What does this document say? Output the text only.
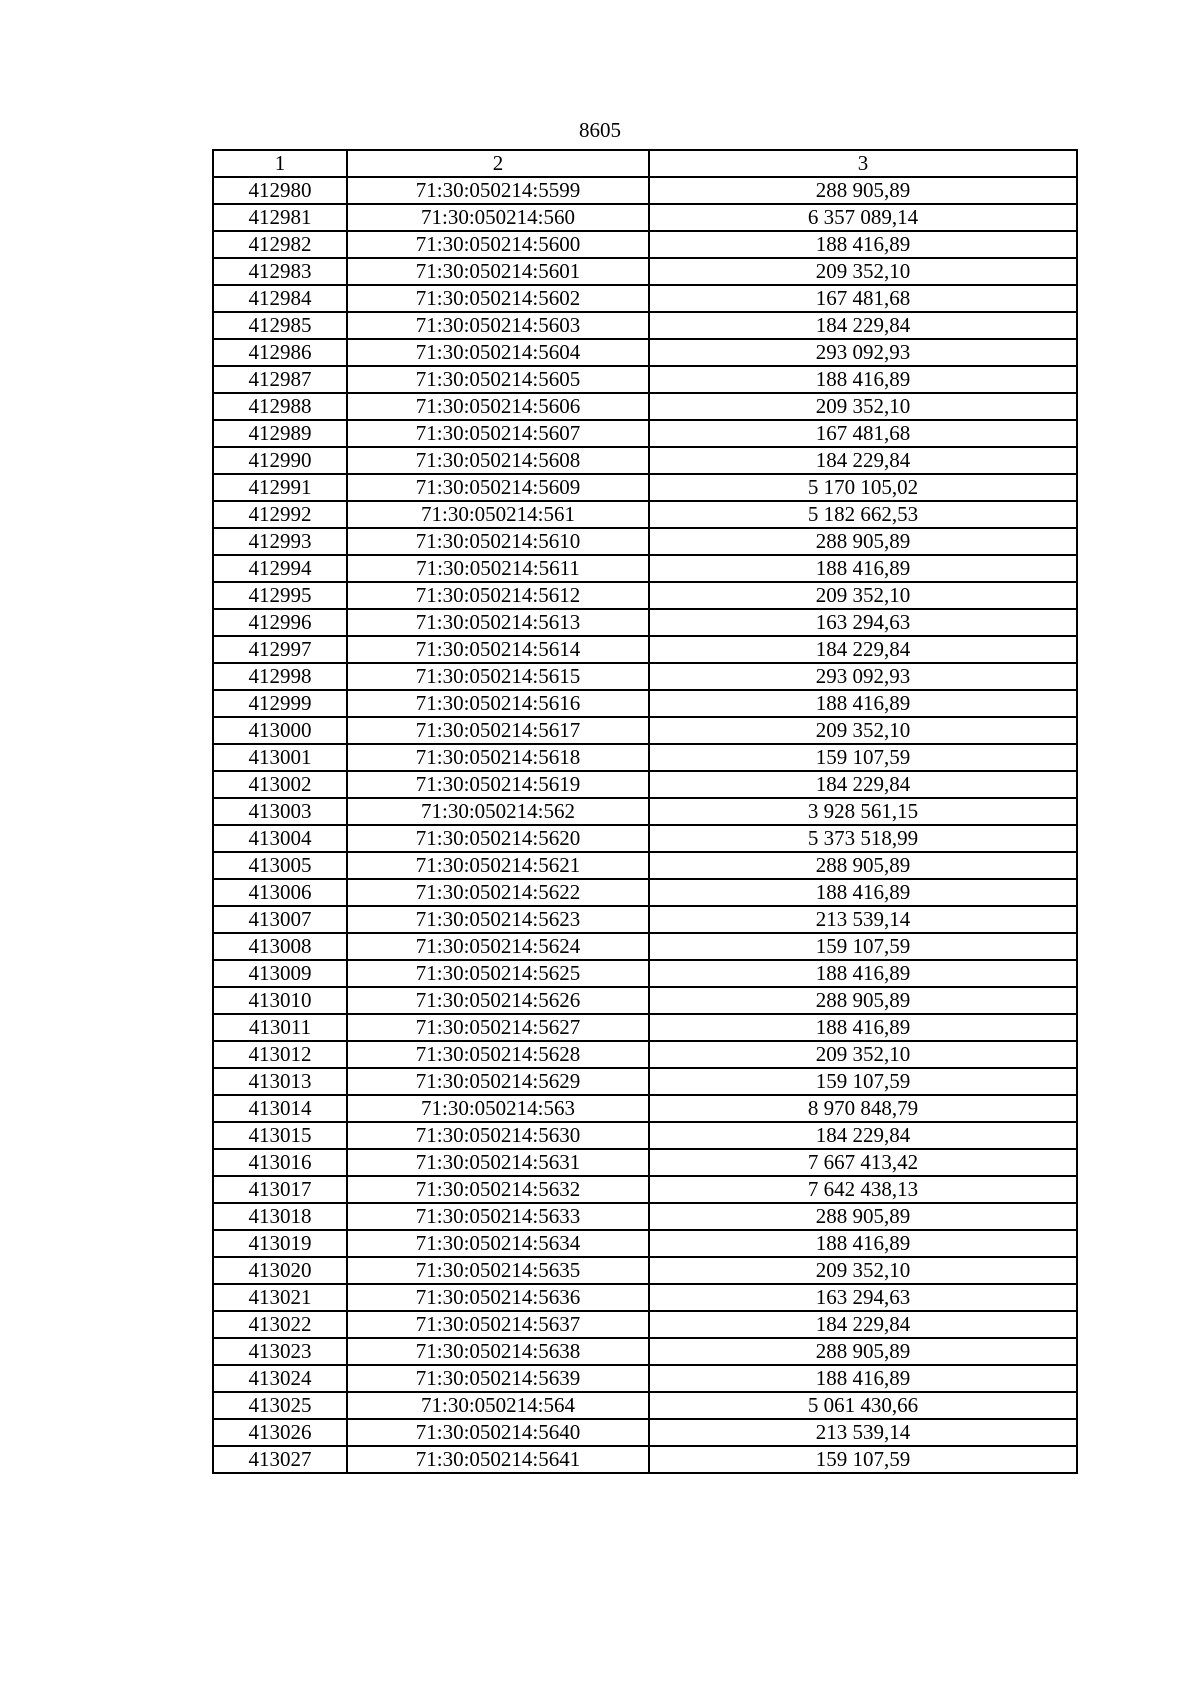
8605
1	2	3
412980	71:30:050214:5599	288 905,89
412981	71:30:050214:560	6 357 089,14
412982	71:30:050214:5600	188 416,89
412983	71:30:050214:5601	209 352,10
412984	71:30:050214:5602	167 481,68
412985	71:30:050214:5603	184 229,84
412986	71:30:050214:5604	293 092,93
412987	71:30:050214:5605	188 416,89
412988	71:30:050214:5606	209 352,10
412989	71:30:050214:5607	167 481,68
412990	71:30:050214:5608	184 229,84
412991	71:30:050214:5609	5 170 105,02
412992	71:30:050214:561	5 182 662,53
412993	71:30:050214:5610	288 905,89
412994	71:30:050214:5611	188 416,89
412995	71:30:050214:5612	209 352,10
412996	71:30:050214:5613	163 294,63
412997	71:30:050214:5614	184 229,84
412998	71:30:050214:5615	293 092,93
412999	71:30:050214:5616	188 416,89
413000	71:30:050214:5617	209 352,10
413001	71:30:050214:5618	159 107,59
413002	71:30:050214:5619	184 229,84
413003	71:30:050214:562	3 928 561,15
413004	71:30:050214:5620	5 373 518,99
413005	71:30:050214:5621	288 905,89
413006	71:30:050214:5622	188 416,89
413007	71:30:050214:5623	213 539,14
413008	71:30:050214:5624	159 107,59
413009	71:30:050214:5625	188 416,89
413010	71:30:050214:5626	288 905,89
413011	71:30:050214:5627	188 416,89
413012	71:30:050214:5628	209 352,10
413013	71:30:050214:5629	159 107,59
413014	71:30:050214:563	8 970 848,79
413015	71:30:050214:5630	184 229,84
413016	71:30:050214:5631	7 667 413,42
413017	71:30:050214:5632	7 642 438,13
413018	71:30:050214:5633	288 905,89
413019	71:30:050214:5634	188 416,89
413020	71:30:050214:5635	209 352,10
413021	71:30:050214:5636	163 294,63
413022	71:30:050214:5637	184 229,84
413023	71:30:050214:5638	288 905,89
413024	71:30:050214:5639	188 416,89
413025	71:30:050214:564	5 061 430,66
413026	71:30:050214:5640	213 539,14
413027	71:30:050214:5641	159 107,59
